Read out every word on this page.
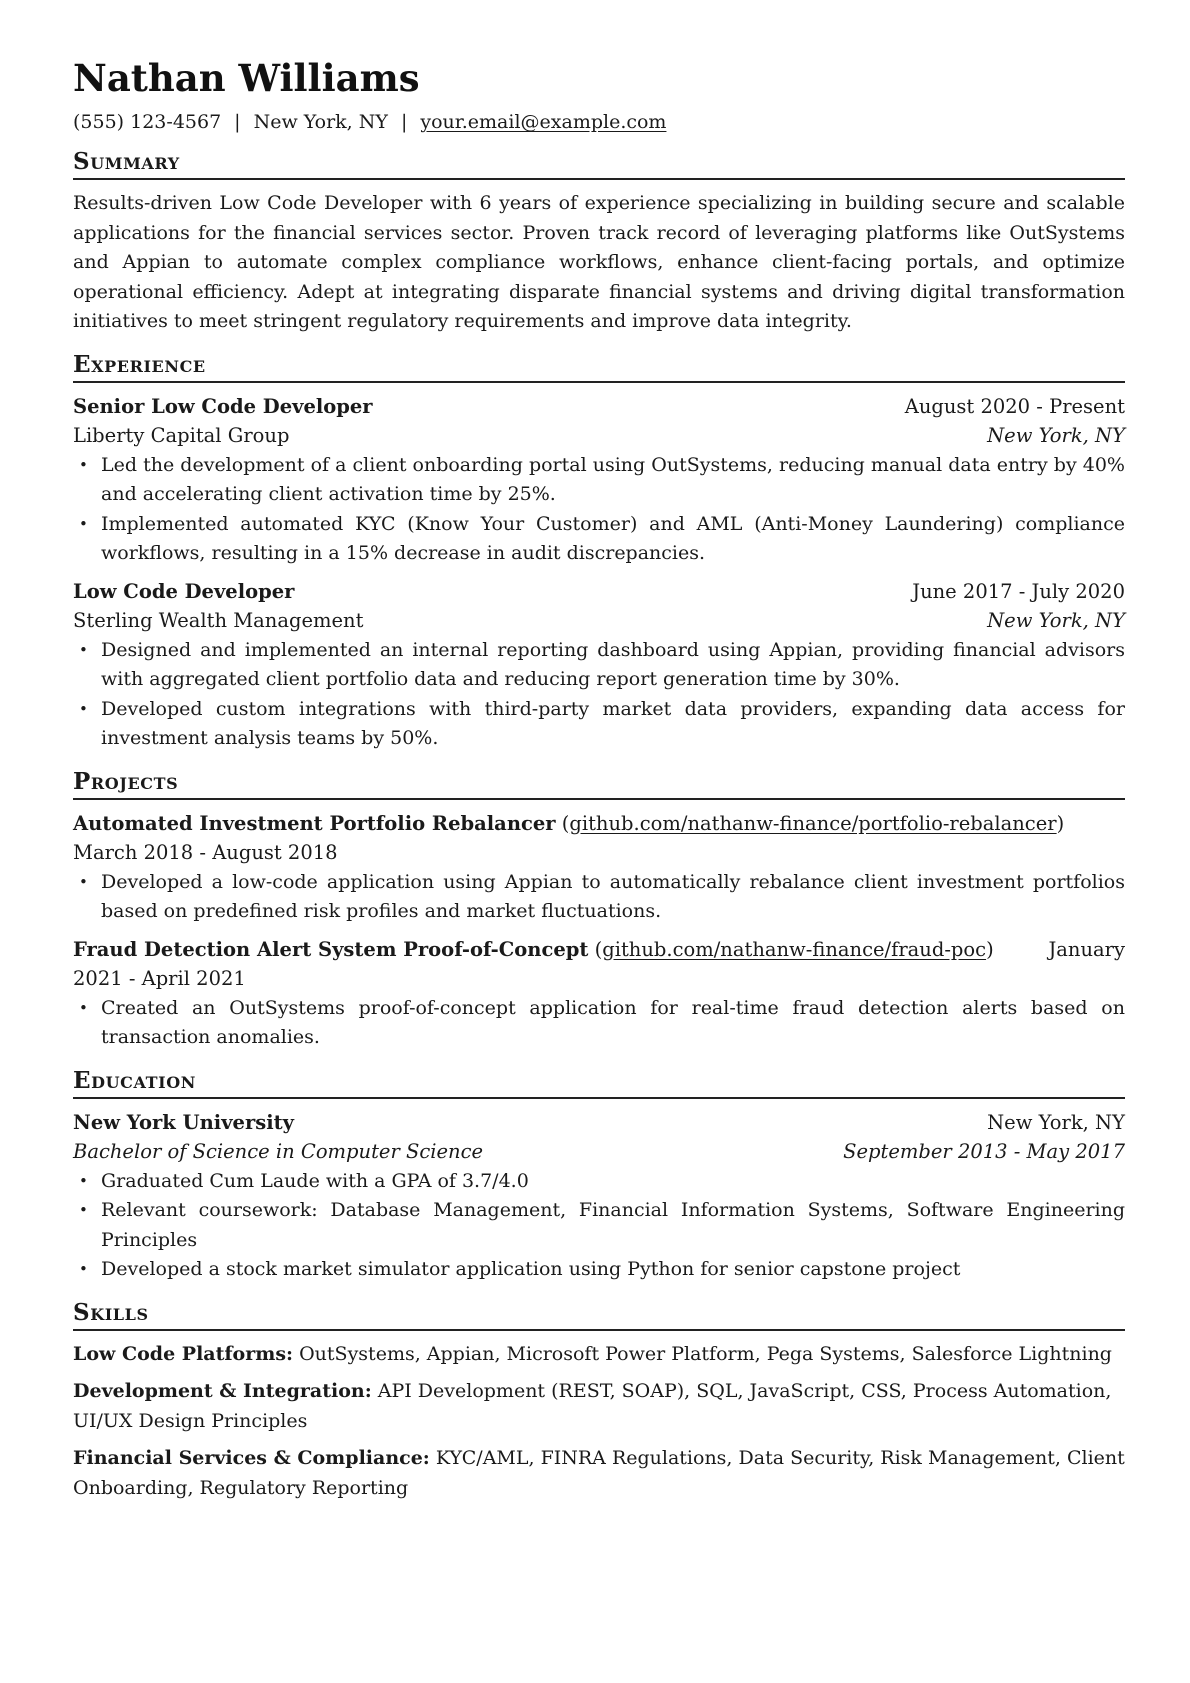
Nathan Williams
(555) 123-4567 | New York, NY | your.email@example.com
Summary

Results-driven Low Code Developer with 6 years of experience specializing in building secure and scalable applications for the financial services sector. Proven track record of leveraging platforms like OutSystems and Appian to automate complex compliance workflows, enhance client-facing portals, and optimize operational efficiency. Adept at integrating disparate financial systems and driving digital transformation initiatives to meet stringent regulatory requirements and improve data integrity.

Experience
Senior Low Code Developer	August 2020 - Present
Liberty Capital Group	New York, NY
• Led the development of a client onboarding portal using OutSystems, reducing manual data entry by 40% and accelerating client activation time by 25%.
• Implemented automated KYC (Know Your Customer) and AML (Anti-Money Laundering) compliance workflows, resulting in a 15% decrease in audit discrepancies.
Low Code Developer	June 2017 - July 2020
Sterling Wealth Management	New York, NY
• Designed and implemented an internal reporting dashboard using Appian, providing financial advisors with aggregated client portfolio data and reducing report generation time by 30%.
• Developed custom integrations with third-party market data providers, expanding data access for investment analysis teams by 50%.
Projects
Automated Investment Portfolio Rebalancer (github.com/nathanw-finance/portfolio-rebalancer)
March 2018 - August 2018
• Developed a low-code application using Appian to automatically rebalance client investment portfolios based on predefined risk profiles and market fluctuations.
Fraud Detection Alert System Proof-of-Concept (github.com/nathanw-finance/fraud-poc)	January
2021 - April 2021
• Created an OutSystems proof-of-concept application for real-time fraud detection alerts based on transaction anomalies.
Education
New York University	New York, NY
Bachelor of Science in Computer Science	September 2013 - May 2017
• Graduated Cum Laude with a GPA of 3.7/4.0
• Relevant coursework: Database Management, Financial Information Systems, Software Engineering Principles
• Developed a stock market simulator application using Python for senior capstone project
Skills
Low Code Platforms: OutSystems, Appian, Microsoft Power Platform, Pega Systems, Salesforce Lightning
Development & Integration: API Development (REST, SOAP), SQL, JavaScript, CSS, Process Automation, UI/UX Design Principles
Financial Services & Compliance: KYC/AML, FINRA Regulations, Data Security, Risk Management, Client Onboarding, Regulatory Reporting
